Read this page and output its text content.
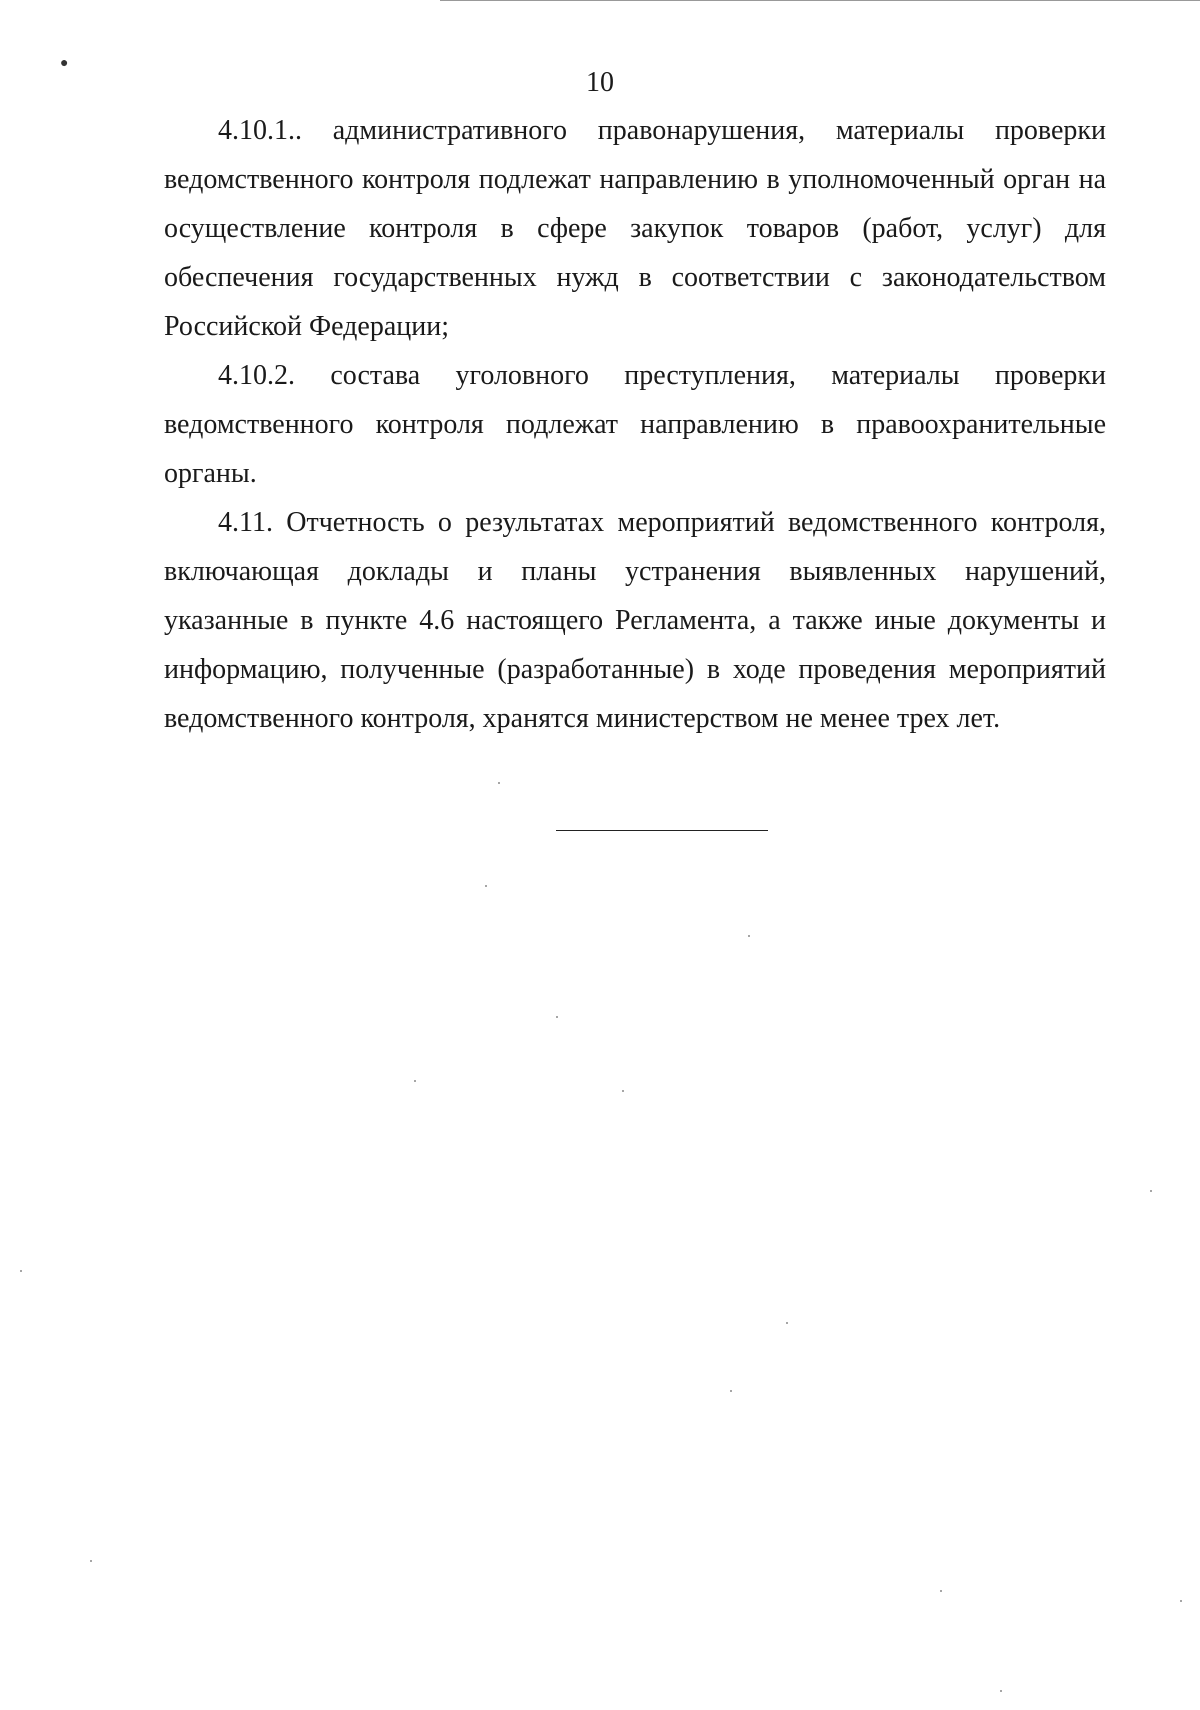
●
10

4.10.1.. административного правонарушения, материалы проверки ведомственного контроля подлежат направлению в уполномоченный орган на осуществление контроля в сфере закупок товаров (работ, услуг) для обеспечения государственных нужд в соответствии с законодательством Российской Федерации;

4.10.2. состава уголовного преступления, материалы проверки ведомственного контроля подлежат направлению в правоохранительные органы.

4.11. Отчетность о результатах мероприятий ведомственного контроля, включающая доклады и планы устранения выявленных нарушений, указанные в пункте 4.6 настоящего Регламента, а также иные документы и информацию, полученные (разработанные) в ходе проведения мероприятий ведомственного контроля, хранятся министерством не менее трех лет.
